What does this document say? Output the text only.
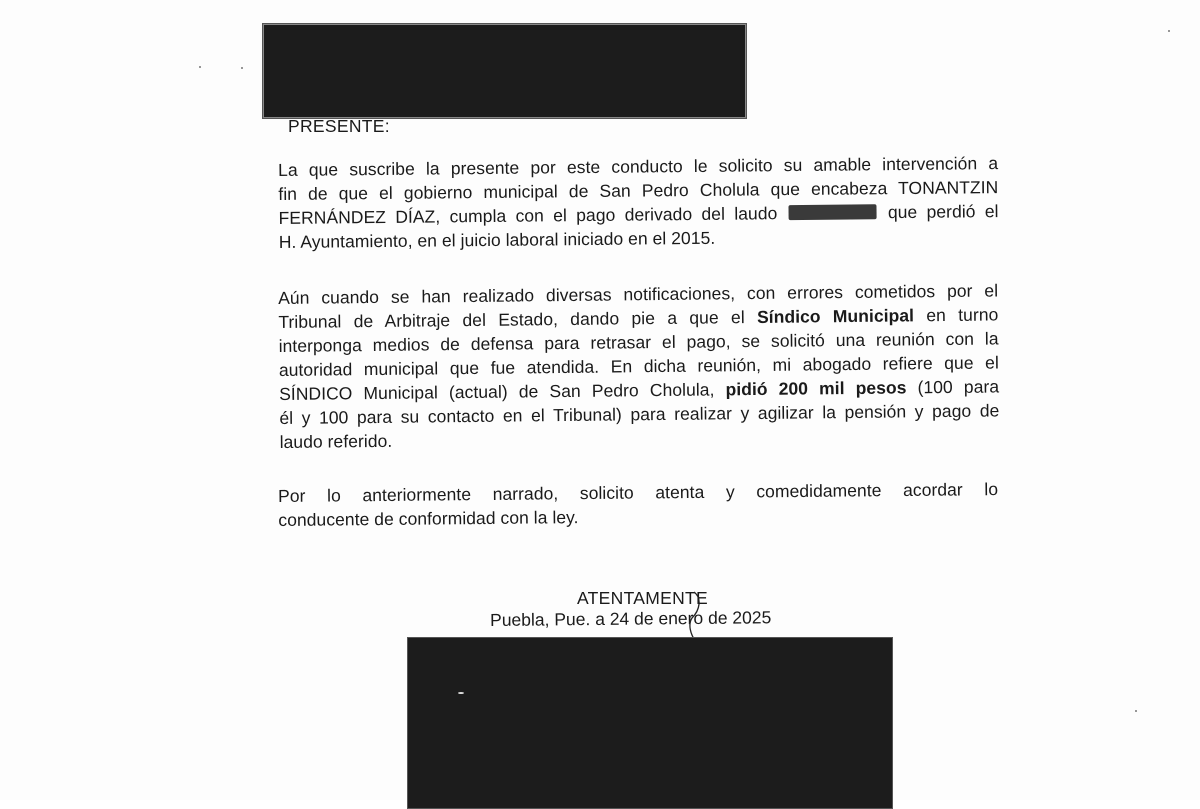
PRESENTE:
La que suscribe la presente por este conducto le solicito su amable intervención a
fin de que el gobierno municipal de San Pedro Cholula que encabeza TONANTZIN
FERNÁNDEZ DÍAZ, cumpla con el pago derivado del laudo	que perdió el
H. Ayuntamiento, en el juicio laboral iniciado en el 2015.
Aún cuando se han realizado diversas notificaciones, con errores cometidos por el
Tribunal de Arbitraje del Estado, dando pie a que el Síndico Municipal en turno
interponga medios de defensa para retrasar el pago, se solicitó una reunión con la
autoridad municipal que fue atendida. En dicha reunión, mi abogado refiere que el
SÍNDICO Municipal (actual) de San Pedro Cholula, pidió 200 mil pesos (100 para
él y 100 para su contacto en el Tribunal) para realizar y agilizar la pensión y pago de
laudo referido.
Por lo anteriormente narrado, solicito atenta y comedidamente acordar lo
conducente de conformidad con la ley.
ATENTAMENTE
Puebla, Pue. a 24 de enero de 2025
